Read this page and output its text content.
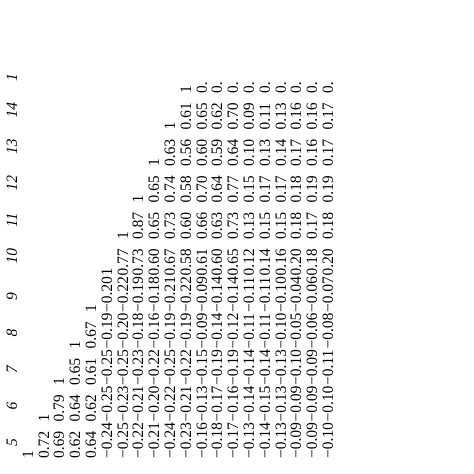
5	6	7	8	9	10	11	12	13	14	1
1										
0.72	1									
0.69	0.79	1								
0.62	0.64	0.65	1							
0.64	0.62	0.61	0.67	1						
−0.24	−0.25	−0.25	−0.19	−0.20	1					
−0.25	−0.23	−0.25	−0.20	−0.22	0.77	1				
−0.22	−0.21	−0.23	−0.18	−0.19	0.73	0.87	1			
−0.21	−0.20	−0.22	−0.16	−0.18	0.60	0.65	0.65	1		
−0.24	−0.22	−0.25	−0.19	−0.21	0.67	0.73	0.74	0.63	1	
−0.23	−0.21	−0.22	−0.19	−0.22	0.58	0.60	0.58	0.56	0.61	1
−0.16	−0.13	−0.15	−0.09	−0.09	0.61	0.66	0.70	0.60	0.65	0.
−0.18	−0.17	−0.19	−0.14	−0.14	0.60	0.63	0.64	0.59	0.62	0.
−0.17	−0.16	−0.19	−0.12	−0.14	0.65	0.73	0.77	0.64	0.70	0.
−0.13	−0.14	−0.14	−0.11	−0.11	0.12	0.13	0.15	0.10	0.09	0.
−0.14	−0.15	−0.14	−0.11	−0.11	0.14	0.15	0.17	0.13	0.11	0.
−0.13	−0.13	−0.13	−0.10	−0.10	0.16	0.15	0.17	0.14	0.13	0.
−0.09	−0.09	−0.10	−0.05	−0.04	0.20	0.18	0.18	0.17	0.16	0.
−0.09	−0.09	−0.09	−0.06	−0.06	0.18	0.17	0.19	0.16	0.16	0.
−0.10	−0.10	−0.11	−0.08	−0.07	0.20	0.18	0.19	0.17	0.17	0.
